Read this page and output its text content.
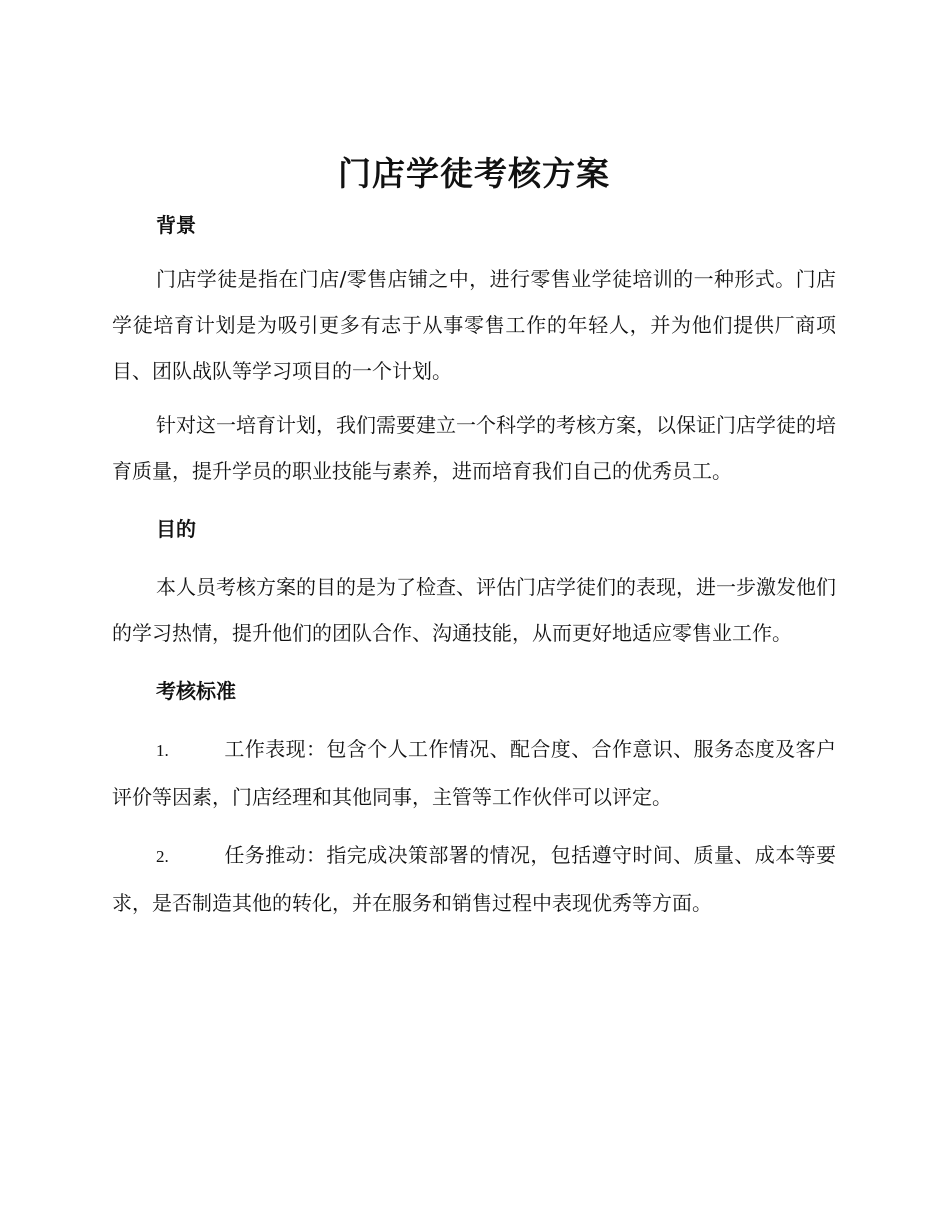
门店学徒考核方案
背景

门店学徒是指在门店/零售店铺之中，进行零售业学徒培训的一种形式。门店学徒培育计划是为吸引更多有志于从事零售工作的年轻人，并为他们提供厂商项目、团队战队等学习项目的一个计划。

针对这一培育计划，我们需要建立一个科学的考核方案，以保证门店学徒的培育质量，提升学员的职业技能与素养，进而培育我们自己的优秀员工。

目的

本人员考核方案的目的是为了检查、评估门店学徒们的表现，进一步激发他们的学习热情，提升他们的团队合作、沟通技能，从而更好地适应零售业工作。

考核标准

1.	工作表现：包含个人工作情况、配合度、合作意识、服务态度及客户评价等因素，门店经理和其他同事，主管等工作伙伴可以评定。

2.	任务推动：指完成决策部署的情况，包括遵守时间、质量、成本等要求，是否制造其他的转化，并在服务和销售过程中表现优秀等方面。
